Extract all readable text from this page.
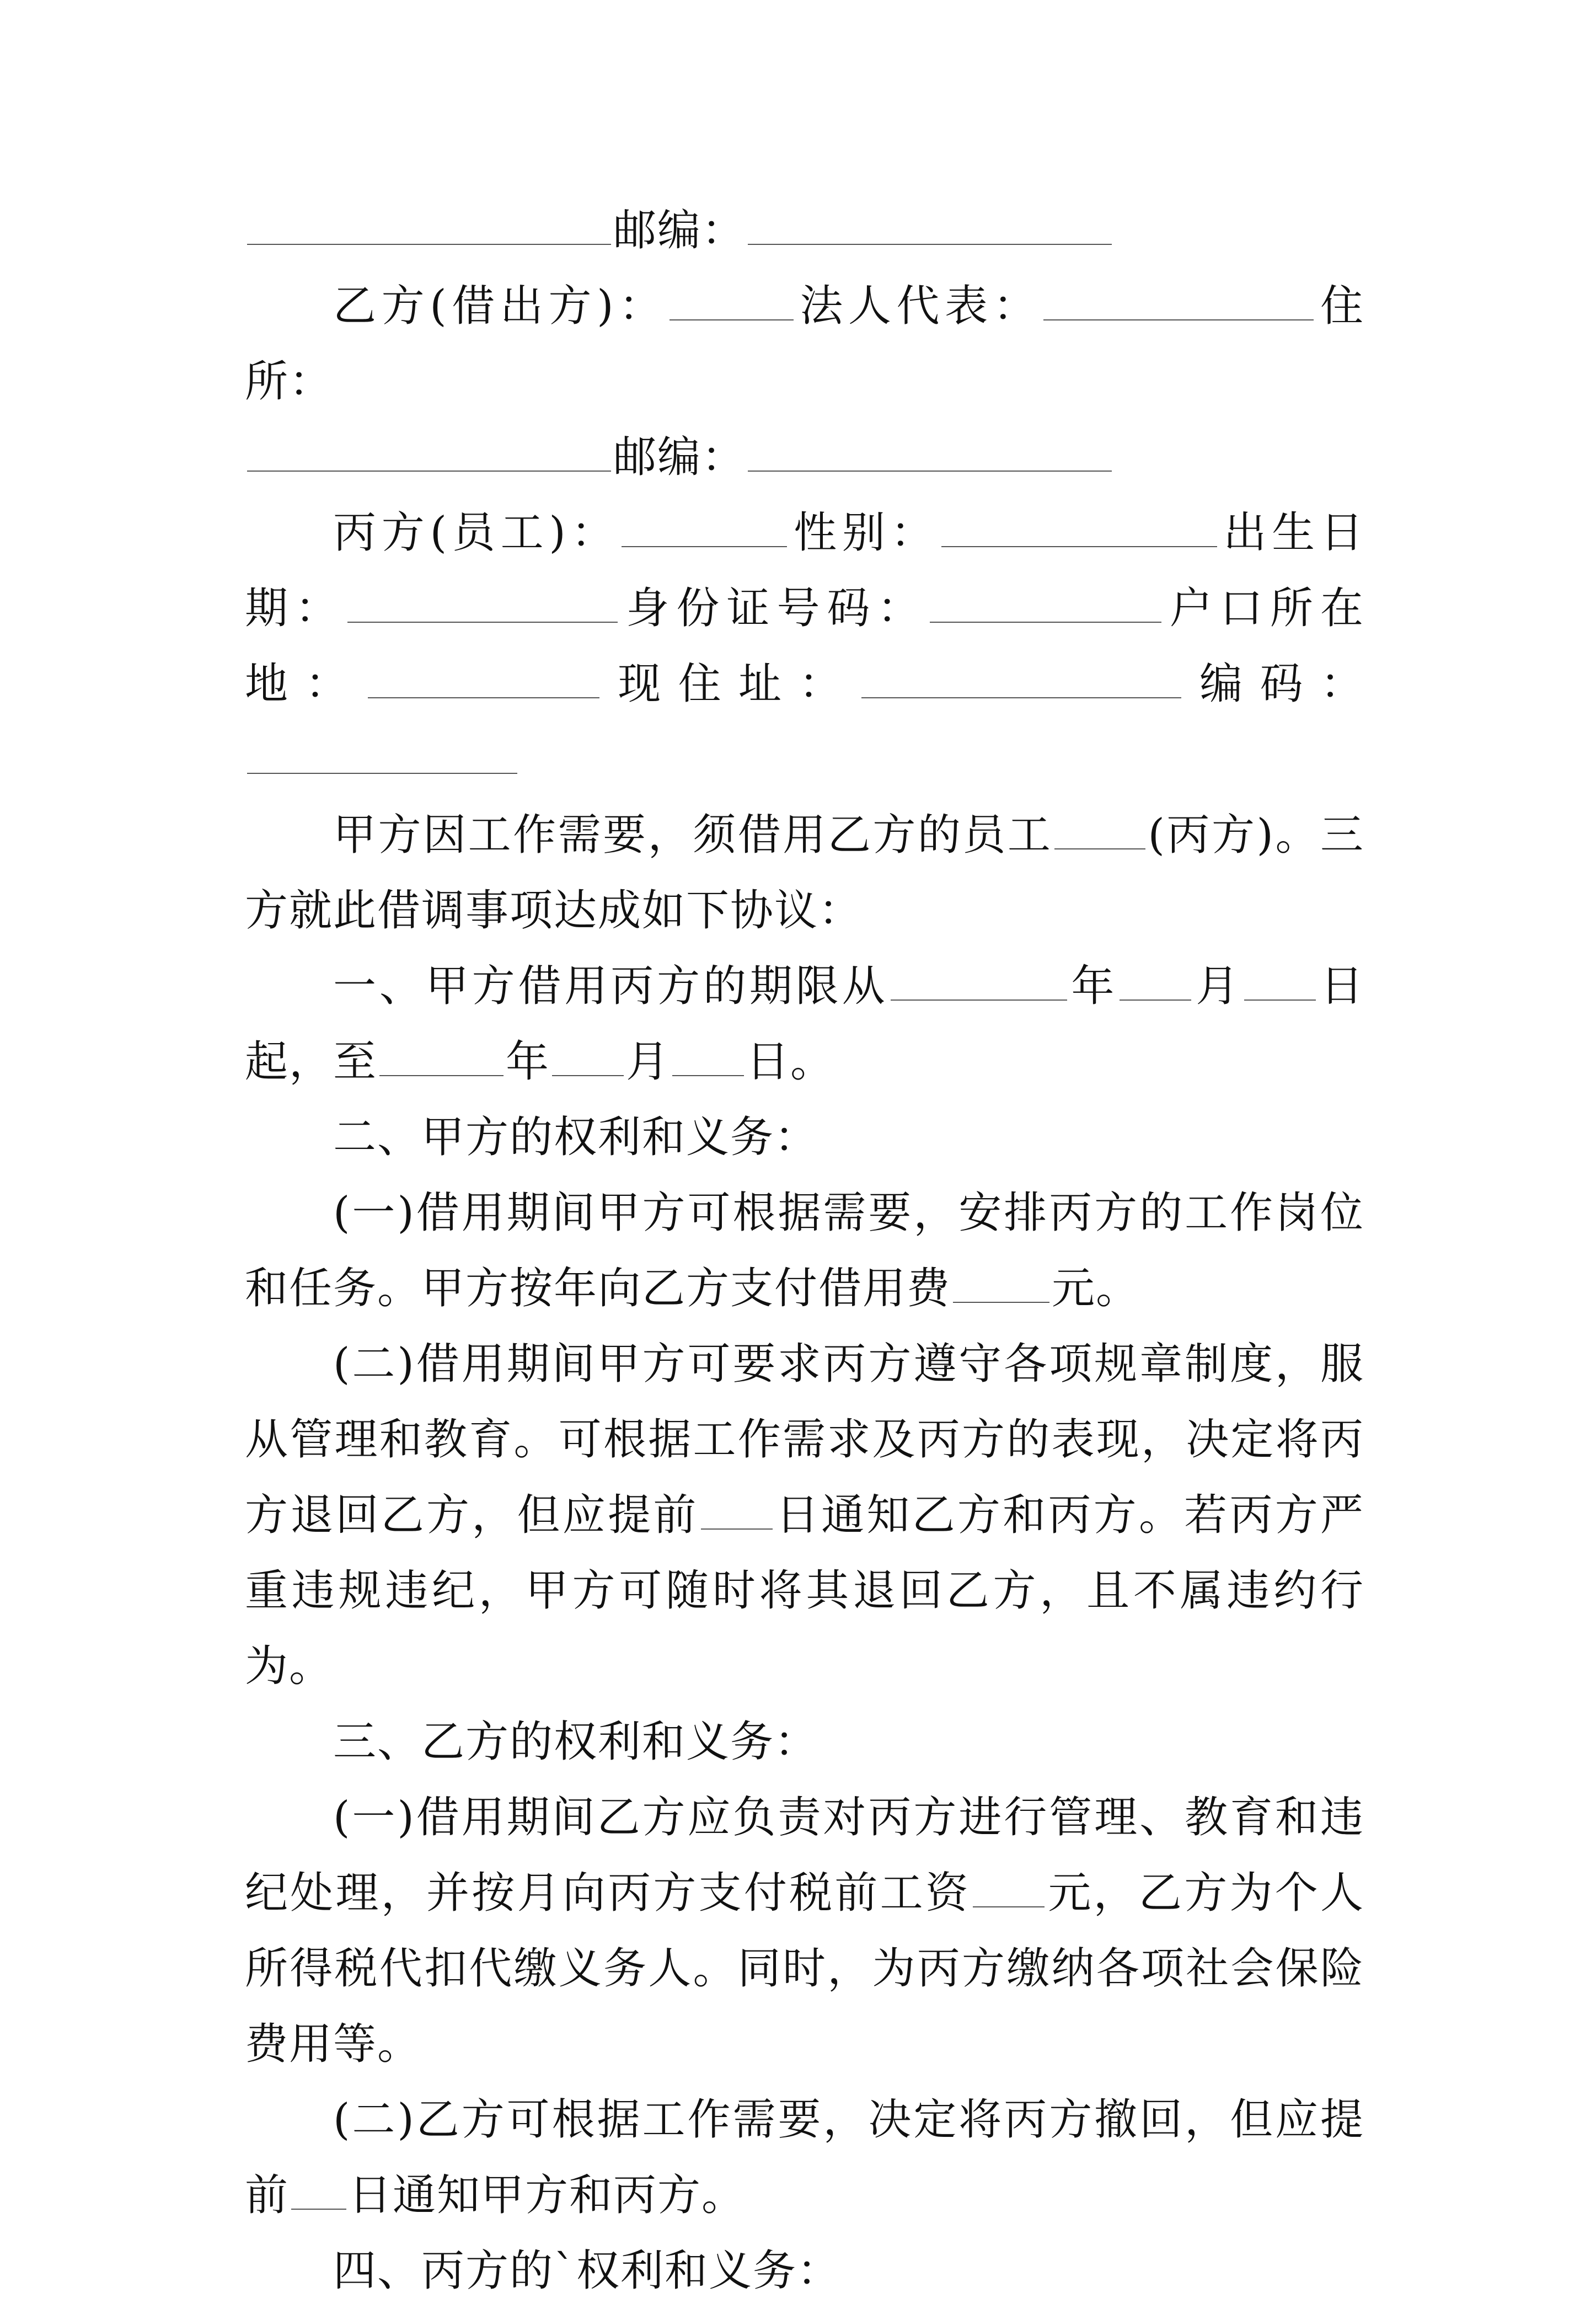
邮编：

乙方(借出方)：	法人代表：	住所：

邮编：

丙方(员工)：	性别：	出生日期：	身份证号码：	户口所在地：	现住址：	编码：

甲方因工作需要，须借用乙方的员工 (丙方)。三方就此借调事项达成如下协议：

一、甲方借用丙方的期限从	年 月 日起，至	年 月 日。

二、甲方的权利和义务：

(一)借用期间甲方可根据需要，安排丙方的工作岗位和任务。甲方按年向乙方支付借用费 元。

(二)借用期间甲方可要求丙方遵守各项规章制度，服从管理和教育。可根据工作需求及丙方的表现，决定将丙方退回乙方，但应提前 日通知乙方和丙方。若丙方严重违规违纪，甲方可随时将其退回乙方，且不属违约行为。

三、乙方的权利和义务：

(一)借用期间乙方应负责对丙方进行管理、教育和违纪处理，并按月向丙方支付税前工资 元，乙方为个人所得税代扣代缴义务人。同时，为丙方缴纳各项社会保险费用等。

(二)乙方可根据工作需要，决定将丙方撤回，但应提前 日通知甲方和丙方。

四、丙方的`权利和义务：
